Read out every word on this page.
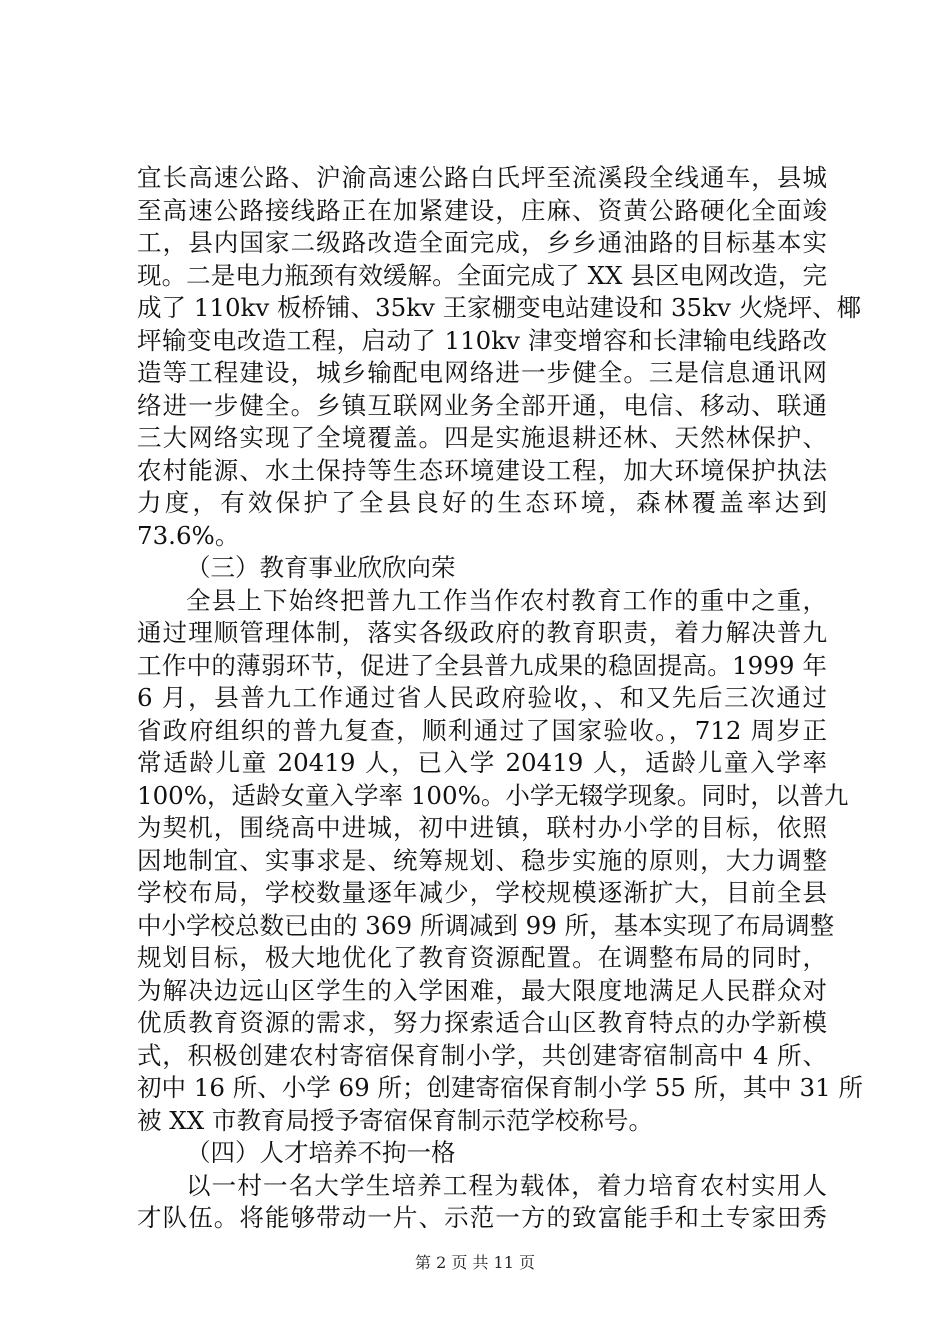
宜长高速公路、沪渝高速公路白氏坪至流溪段全线通车，县城
至高速公路接线路正在加紧建设，庄麻、资黄公路硬化全面竣
工，县内国家二级路改造全面完成，乡乡通油路的目标基本实
现。二是电力瓶颈有效缓解。全面完成了 XX 县区电网改造，完
成了 110kv 板桥铺、35kv 王家棚变电站建设和 35kv 火烧坪、椰
坪输变电改造工程，启动了 110kv 津变增容和长津输电线路改
造等工程建设，城乡输配电网络进一步健全。三是信息通讯网
络进一步健全。乡镇互联网业务全部开通，电信、移动、联通
三大网络实现了全境覆盖。四是实施退耕还林、天然林保护、
农村能源、水土保持等生态环境建设工程，加大环境保护执法
力度，有效保护了全县良好的生态环境，森林覆盖率达到
73.6%。
（三）教育事业欣欣向荣
全县上下始终把普九工作当作农村教育工作的重中之重，
通过理顺管理体制，落实各级政府的教育职责，着力解决普九
工作中的薄弱环节，促进了全县普九成果的稳固提高。1999 年
6 月，县普九工作通过省人民政府验收，、和又先后三次通过
省政府组织的普九复查，顺利通过了国家验收。，712 周岁正
常适龄儿童 20419 人，已入学 20419 人，适龄儿童入学率
100%，适龄女童入学率 100%。小学无辍学现象。同时，以普九
为契机，围绕高中进城，初中进镇，联村办小学的目标，依照
因地制宜、实事求是、统筹规划、稳步实施的原则，大力调整
学校布局，学校数量逐年减少，学校规模逐渐扩大，目前全县
中小学校总数已由的 369 所调减到 99 所，基本实现了布局调整
规划目标，极大地优化了教育资源配置。在调整布局的同时，
为解决边远山区学生的入学困难，最大限度地满足人民群众对
优质教育资源的需求，努力探索适合山区教育特点的办学新模
式，积极创建农村寄宿保育制小学，共创建寄宿制高中 4 所、
初中 16 所、小学 69 所；创建寄宿保育制小学 55 所，其中 31 所
被 XX 市教育局授予寄宿保育制示范学校称号。
（四）人才培养不拘一格
以一村一名大学生培养工程为载体，着力培育农村实用人
才队伍。将能够带动一片、示范一方的致富能手和土专家田秀
第 2 页 共 11 页
